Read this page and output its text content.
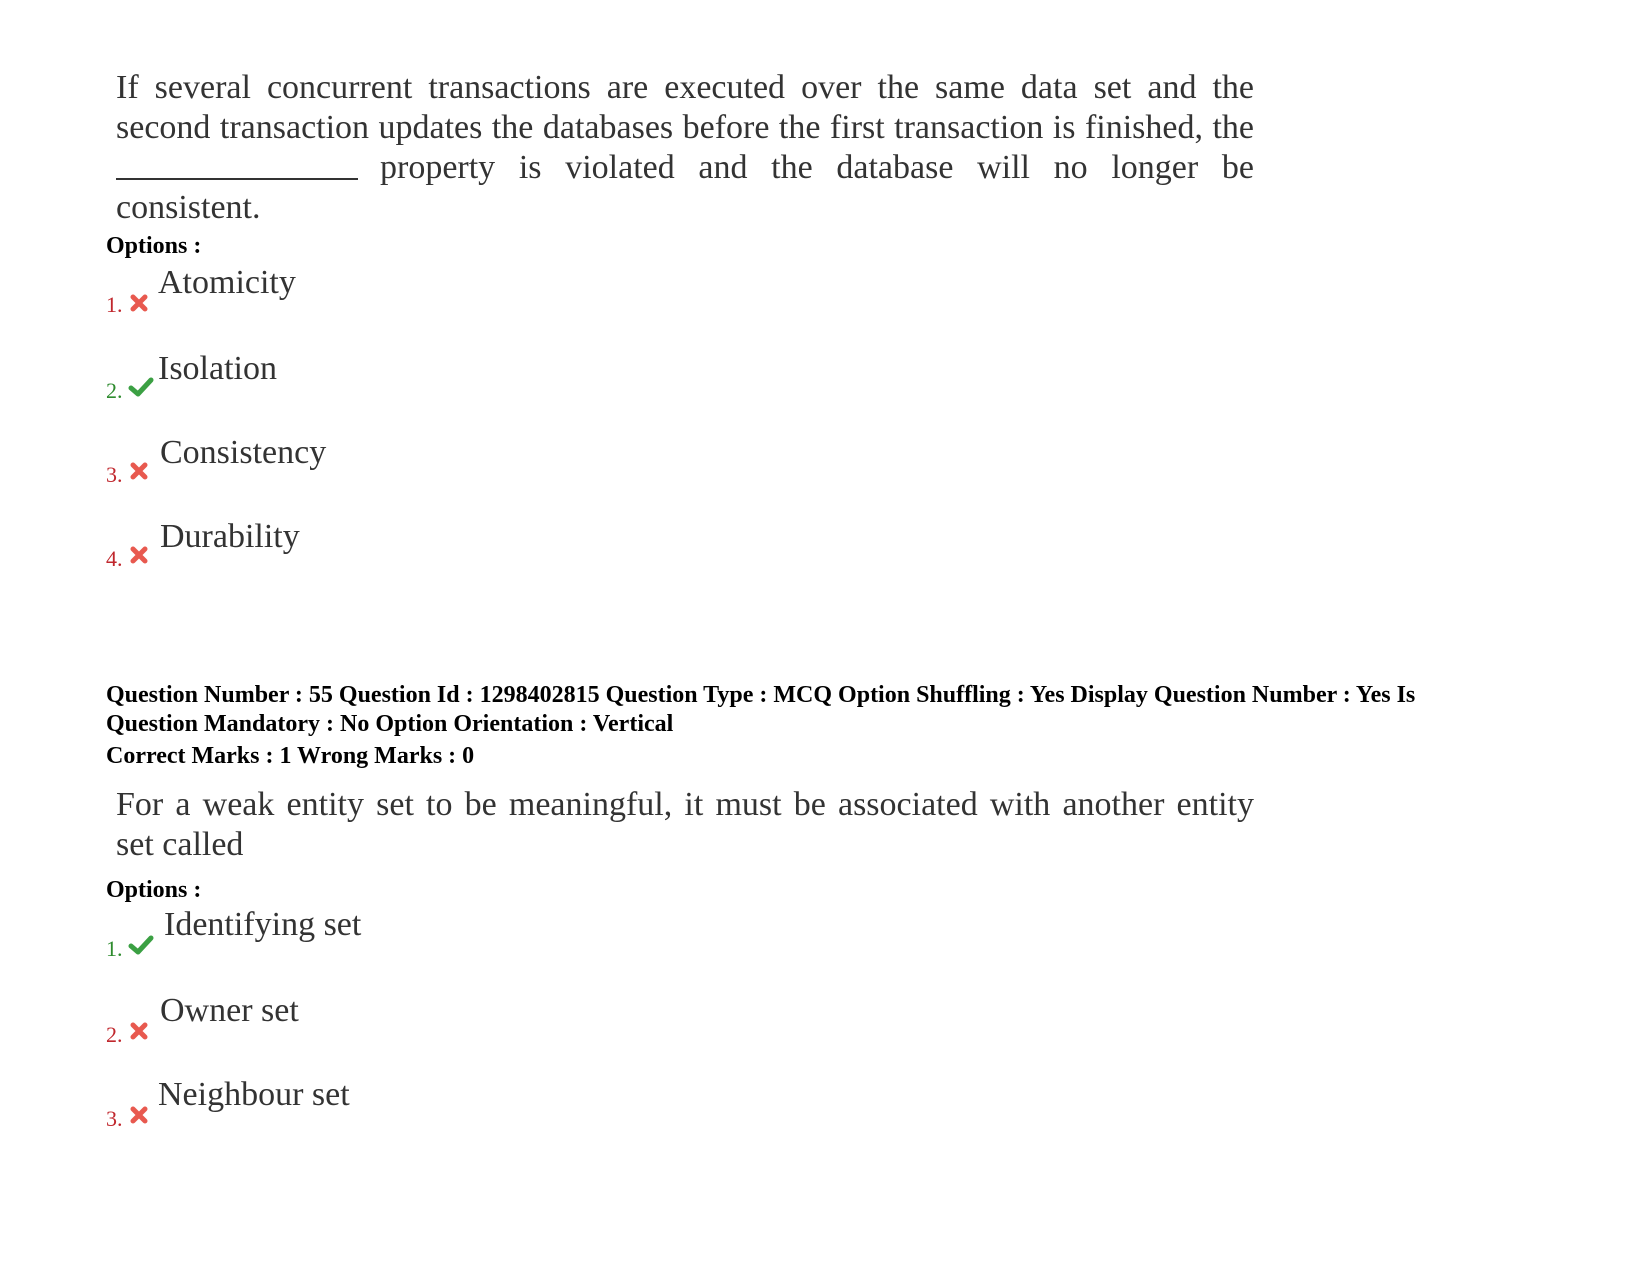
If several concurrent transactions are executed over the same data set and the
second transaction updates the databases before the first transaction is finished, the
property is violated and the database will no longer be
consistent.
Options :
1.
Atomicity
2.
Isolation
3.
Consistency
4.
Durability
Question Number : 55 Question Id : 1298402815 Question Type : MCQ Option Shuffling : Yes Display Question Number : Yes Is
Question Mandatory : No Option Orientation : Vertical
Correct Marks : 1 Wrong Marks : 0
For a weak entity set to be meaningful, it must be associated with another entity
set called
Options :
1.
Identifying set
2.
Owner set
3.
Neighbour set
